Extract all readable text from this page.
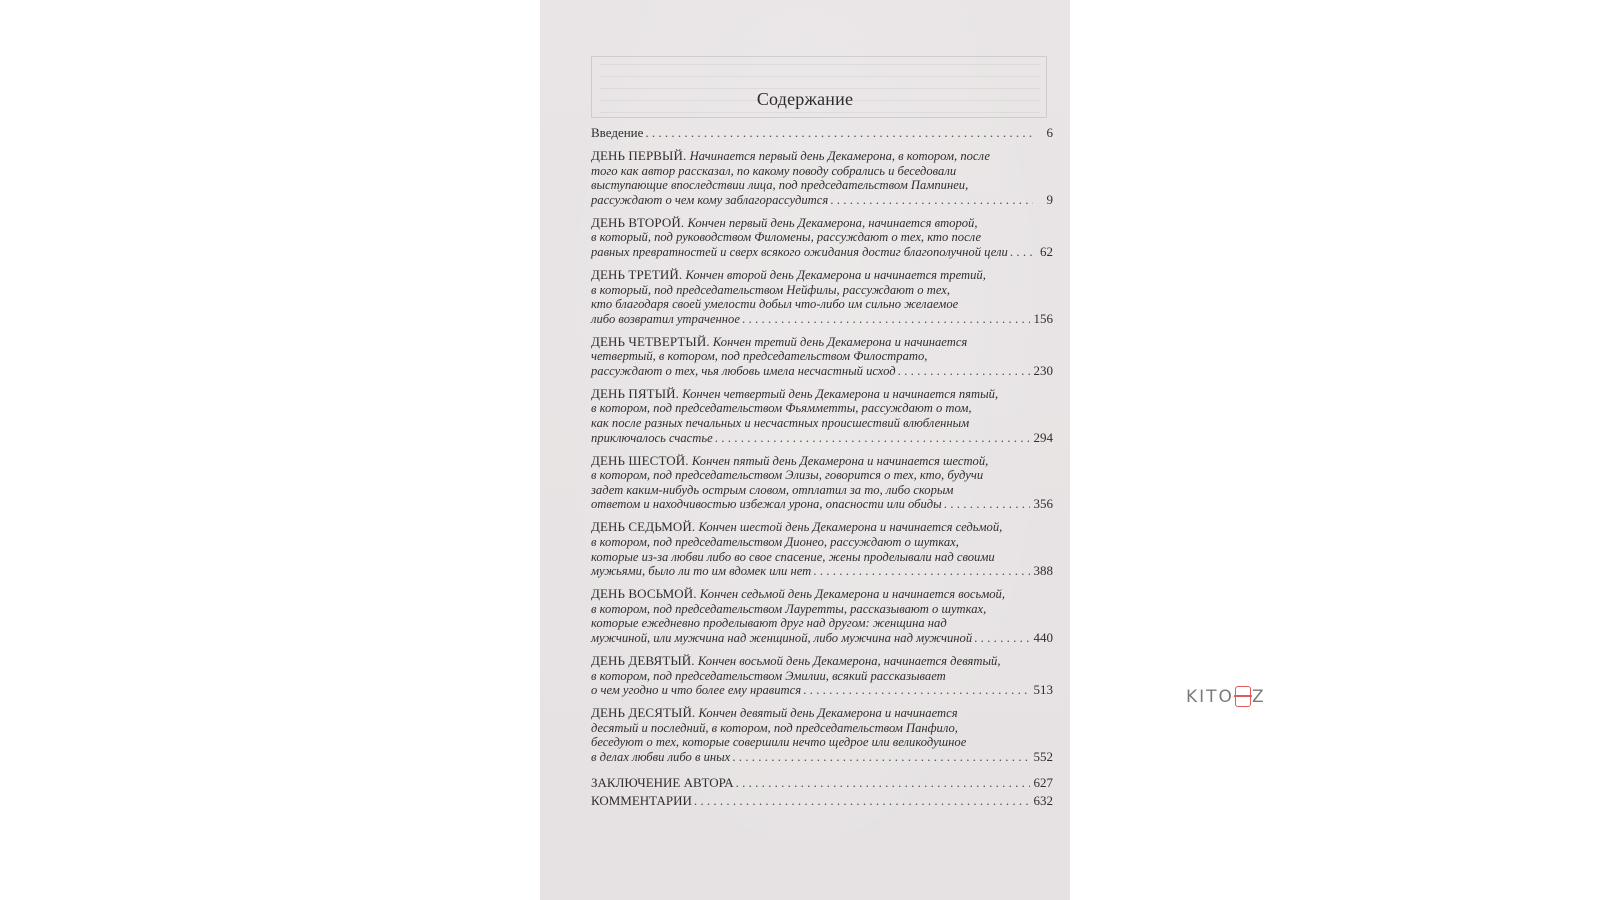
Содержание
Введение . . .	6
ДЕНЬ ПЕРВЫЙ. Начинается первый день Декамерона, в котором, после
того как автор рассказал, по какому поводу собрались и беседовали
выступающие впоследствии лица, под председательством Пампинеи,
рассуждают о чем кому заблагорассудится . . .	9
ДЕНЬ ВТОРОЙ. Кончен первый день Декамерона, начинается второй,
в который, под руководством Филомены, рассуждают о тех, кто после
равных превратностей и сверх всякого ожидания достиг благополучной цели . . . 62
ДЕНЬ ТРЕТИЙ. Кончен второй день Декамерона и начинается третий,
в который, под председательством Нейфилы, рассуждают о тех,
кто благодаря своей умелости добыл что-либо им сильно желаемое
либо возвратил утраченное . . .	156
ДЕНЬ ЧЕТВЕРТЫЙ. Кончен третий день Декамерона и начинается
четвертый, в котором, под председательством Филострато,
рассуждают о тех, чья любовь имела несчастный исход . . .	230
ДЕНЬ ПЯТЫЙ. Кончен четвертый день Декамерона и начинается пятый,
в котором, под председательством Фьямметты, рассуждают о том,
как после разных печальных и несчастных происшествий влюбленным
приключалось счастье . . .	294
ДЕНЬ ШЕСТОЙ. Кончен пятый день Декамерона и начинается шестой,
в котором, под председательством Элизы, говорится о тех, кто, будучи
задет каким-нибудь острым словом, отплатил за то, либо скорым
ответом и находчивостью избежал урона, опасности или обиды . . .	356
ДЕНЬ СЕДЬМОЙ. Кончен шестой день Декамерона и начинается седьмой,
в котором, под председательством Дионео, рассуждают о шутках,
которые из-за любви либо во свое спасение, жены проделывали над своими
мужьями, было ли то им вдомек или нет . . .	388
ДЕНЬ ВОСЬМОЙ. Кончен седьмой день Декамерона и начинается восьмой,
в котором, под председательством Лауретты, рассказывают о шутках,
которые ежедневно проделывают друг над другом: женщина над
мужчиной, или мужчина над женщиной, либо мужчина над мужчиной . . .	440
ДЕНЬ ДЕВЯТЫЙ. Кончен восьмой день Декамерона, начинается девятый,
в котором, под председательством Эмилии, всякий рассказывает
о чем угодно и что более ему нравится . . .	513
ДЕНЬ ДЕСЯТЫЙ. Кончен девятый день Декамерона и начинается
десятый и последний, в котором, под председательством Панфило,
беседуют о тех, которые совершили нечто щедрое или великодушное
в делах любви либо в иных . . .	552
ЗАКЛЮЧЕНИЕ АВТОРА . . .	627
КОММЕНТАРИИ . . .	632
KITO Z
